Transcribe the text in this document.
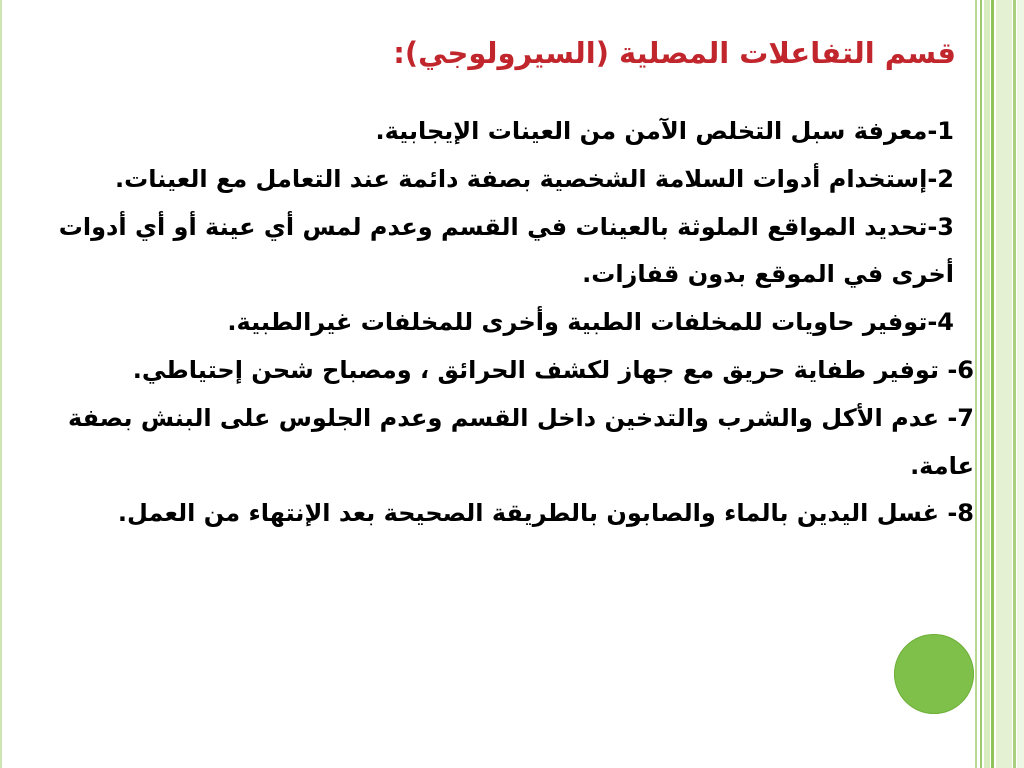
قسم التفاعلات المصلية (السيرولوجي):

1-معرفة سبل التخلص الآمن من العينات الإيجابية.

2-إستخدام أدوات السلامة الشخصية بصفة دائمة عند التعامل مع العينات.

3-تحديد المواقع الملوثة بالعينات في القسم وعدم لمس أي عينة أو أي أدوات أخرى في الموقع بدون قفازات.

4-توفير حاويات للمخلفات الطبية وأخرى للمخلفات غيرالطبية.

6- توفير طفاية حريق مع جهاز لكشف الحرائق ، ومصباح شحن إحتياطي.

7- عدم الأكل والشرب والتدخين داخل القسم وعدم الجلوس على البنش بصفة عامة.

8- غسل اليدين بالماء والصابون بالطريقة الصحيحة بعد الإنتهاء من العمل.
